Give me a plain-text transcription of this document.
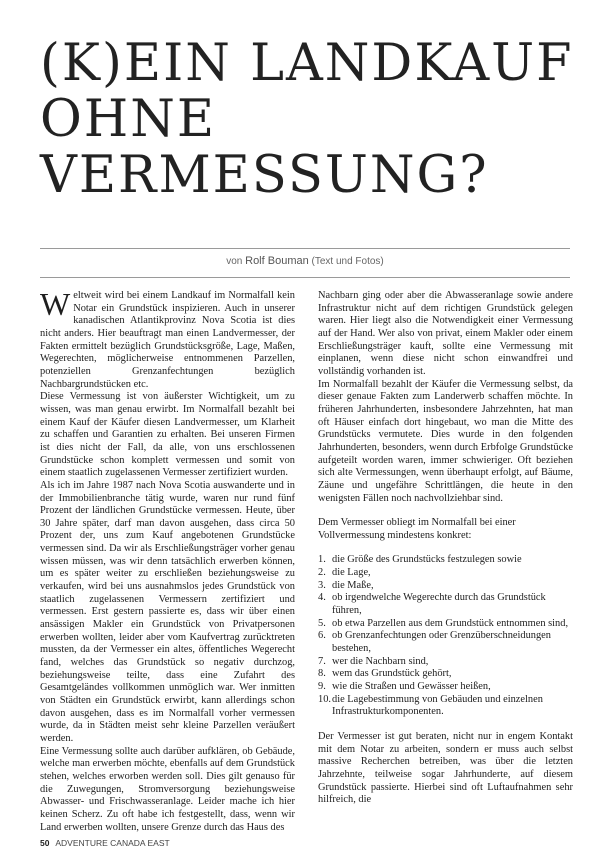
(K)EIN LANDKAUF
OHNE
VERMESSUNG?
von Rolf Bouman (Text und Fotos)

Weltweit wird bei einem Landkauf im Normalfall kein Notar ein Grundstück inspizieren. Auch in unserer kanadischen Atlantikprovinz Nova Scotia ist dies nicht anders. Hier beauftragt man einen Landvermesser, der Fakten ermittelt bezüglich Grundstücksgröße, Lage, Maßen, Wegerechten, möglicherweise entnommenen Parzellen, potenziellen Grenzanfechtungen bezüglich Nachbargrundstücken etc.

Diese Vermessung ist von äußerster Wichtigkeit, um zu wissen, was man genau erwirbt. Im Normalfall bezahlt bei einem Kauf der Käufer diesen Landvermesser, um Klarheit zu schaffen und Garantien zu erhalten. Bei unseren Firmen ist dies nicht der Fall, da alle, von uns erschlossenen Grundstücke schon komplett vermessen und somit von einem staatlich zugelassenen Vermesser zertifiziert wurden.

Als ich im Jahre 1987 nach Nova Scotia auswanderte und in der Immobilienbranche tätig wurde, waren nur rund fünf Prozent der ländlichen Grundstücke vermessen. Heute, über 30 Jahre später, darf man davon ausgehen, dass circa 50 Prozent der, uns zum Kauf angebotenen Grundstücke vermessen sind. Da wir als Erschließungsträger vorher genau wissen müssen, was wir denn tatsächlich erwerben können, um es später weiter zu erschließen beziehungsweise zu verkaufen, wird bei uns ausnahmslos jedes Grundstück von staatlich zugelassenen Vermessern zertifiziert und vermessen. Erst gestern passierte es, dass wir über einen ansässigen Makler ein Grundstück von Privatpersonen erwerben wollten, leider aber vom Kaufvertrag zurücktreten mussten, da der Vermesser ein altes, öffentliches Wegerecht fand, welches das Grundstück so negativ durchzog, beziehungsweise teilte, dass eine Zufahrt des Gesamtgeländes vollkommen unmöglich war. Wer inmitten von Städten ein Grundstück erwirbt, kann allerdings schon davon ausgehen, dass es im Normalfall vorher vermessen wurde, da in Städten meist sehr kleine Parzellen veräußert werden.

Eine Vermessung sollte auch darüber aufklären, ob Gebäude, welche man erwerben möchte, ebenfalls auf dem Grundstück stehen, welches erworben werden soll. Dies gilt genauso für die Zuwegungen, Stromversorgung beziehungsweise Abwasser- und Frischwasseranlage. Leider mache ich hier keinen Scherz. Zu oft habe ich festgestellt, dass, wenn wir Land erwerben wollten, unsere Grenze durch das Haus des

Nachbarn ging oder aber die Abwasseranlage sowie andere Infrastruktur nicht auf dem richtigen Grundstück gelegen waren. Hier liegt also die Notwendigkeit einer Vermessung auf der Hand. Wer also von privat, einem Makler oder einem Erschließungsträger kauft, sollte eine Vermessung mit einplanen, wenn diese nicht schon einwandfrei und vollständig vorhanden ist.

Im Normalfall bezahlt der Käufer die Vermessung selbst, da dieser genaue Fakten zum Landerwerb schaffen möchte. In früheren Jahrhunderten, insbesondere Jahrzehnten, hat man oft Häuser einfach dort hingebaut, wo man die Mitte des Grundstücks vermutete. Dies wurde in den folgenden Jahrhunderten, besonders, wenn durch Erbfolge Grundstücke aufgeteilt worden waren, immer schwieriger. Oft beziehen sich alte Vermessungen, wenn überhaupt erfolgt, auf Bäume, Zäune und ungefähre Schrittlängen, die heute in den wenigsten Fällen noch nachvollziehbar sind.

Dem Vermesser obliegt im Normalfall bei einer Vollvermessung mindestens konkret:

1. die Größe des Grundstücks festzulegen sowie
2. die Lage,
3. die Maße,
4. ob irgendwelche Wegerechte durch das Grundstück führen,
5. ob etwa Parzellen aus dem Grundstück entnommen sind,
6. ob Grenzanfechtungen oder Grenzüberschneidungen bestehen,
7. wer die Nachbarn sind,
8. wem das Grundstück gehört,
9. wie die Straßen und Gewässer heißen,
10. die Lagebestimmung von Gebäuden und einzelnen Infrastrukturkomponenten.

Der Vermesser ist gut beraten, nicht nur in engem Kontakt mit dem Notar zu arbeiten, sondern er muss auch selbst massive Recherchen betreiben, was über die letzten Jahrzehnte, teilweise sogar Jahrhunderte, auf diesem Grundstück passierte. Hierbei sind oft Luftaufnahmen sehr hilfreich, die

50 ADVENTURE CANADA EAST
